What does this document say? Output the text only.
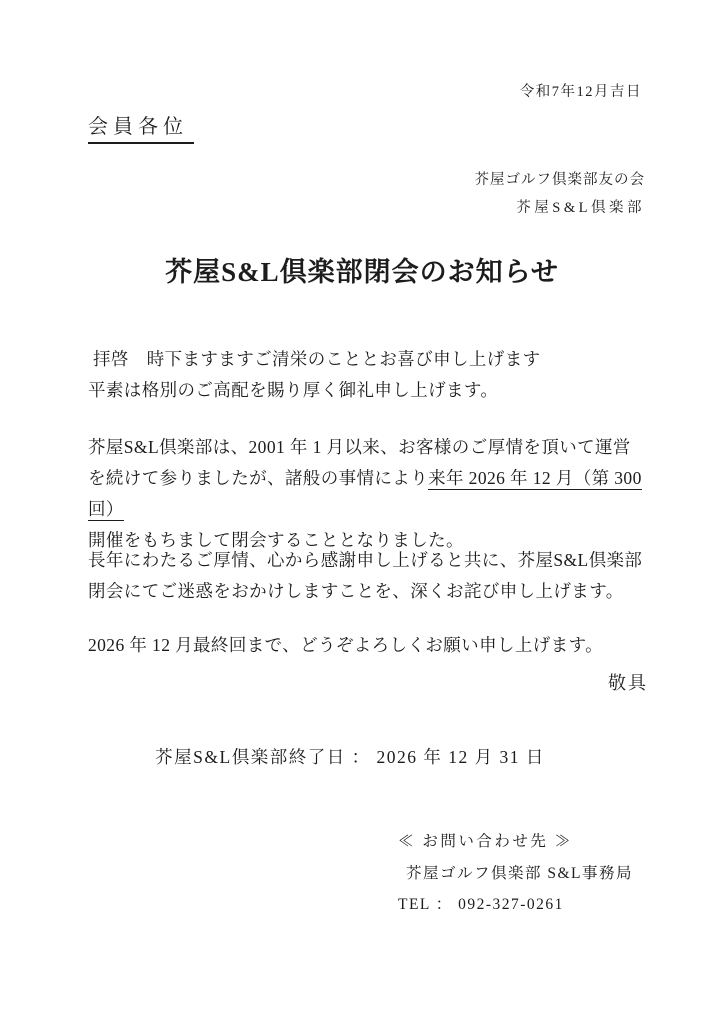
令和7年12月吉日
会員各位
芥屋ゴルフ倶楽部友の会
芥屋S&L倶楽部
芥屋S&L倶楽部閉会のお知らせ
拝啓　時下ますますご清栄のこととお喜び申し上げます
平素は格別のご高配を賜り厚く御礼申し上げます。
芥屋S&L倶楽部は、2001 年 1 月以来、お客様のご厚情を頂いて運営
を続けて参りましたが、諸般の事情により来年 2026 年 12 月（第 300 回）
開催をもちまして閉会することとなりました。
長年にわたるご厚情、心から感謝申し上げると共に、芥屋S&L倶楽部
閉会にてご迷惑をおかけしますことを、深くお詫び申し上げます。
2026 年 12 月最終回まで、どうぞよろしくお願い申し上げます。
敬具
芥屋S&L倶楽部終了日 ： 2026 年 12 月 31 日
≪ お問い合わせ先 ≫
芥屋ゴルフ倶楽部 S&L事務局
TEL ： 092-327-0261
